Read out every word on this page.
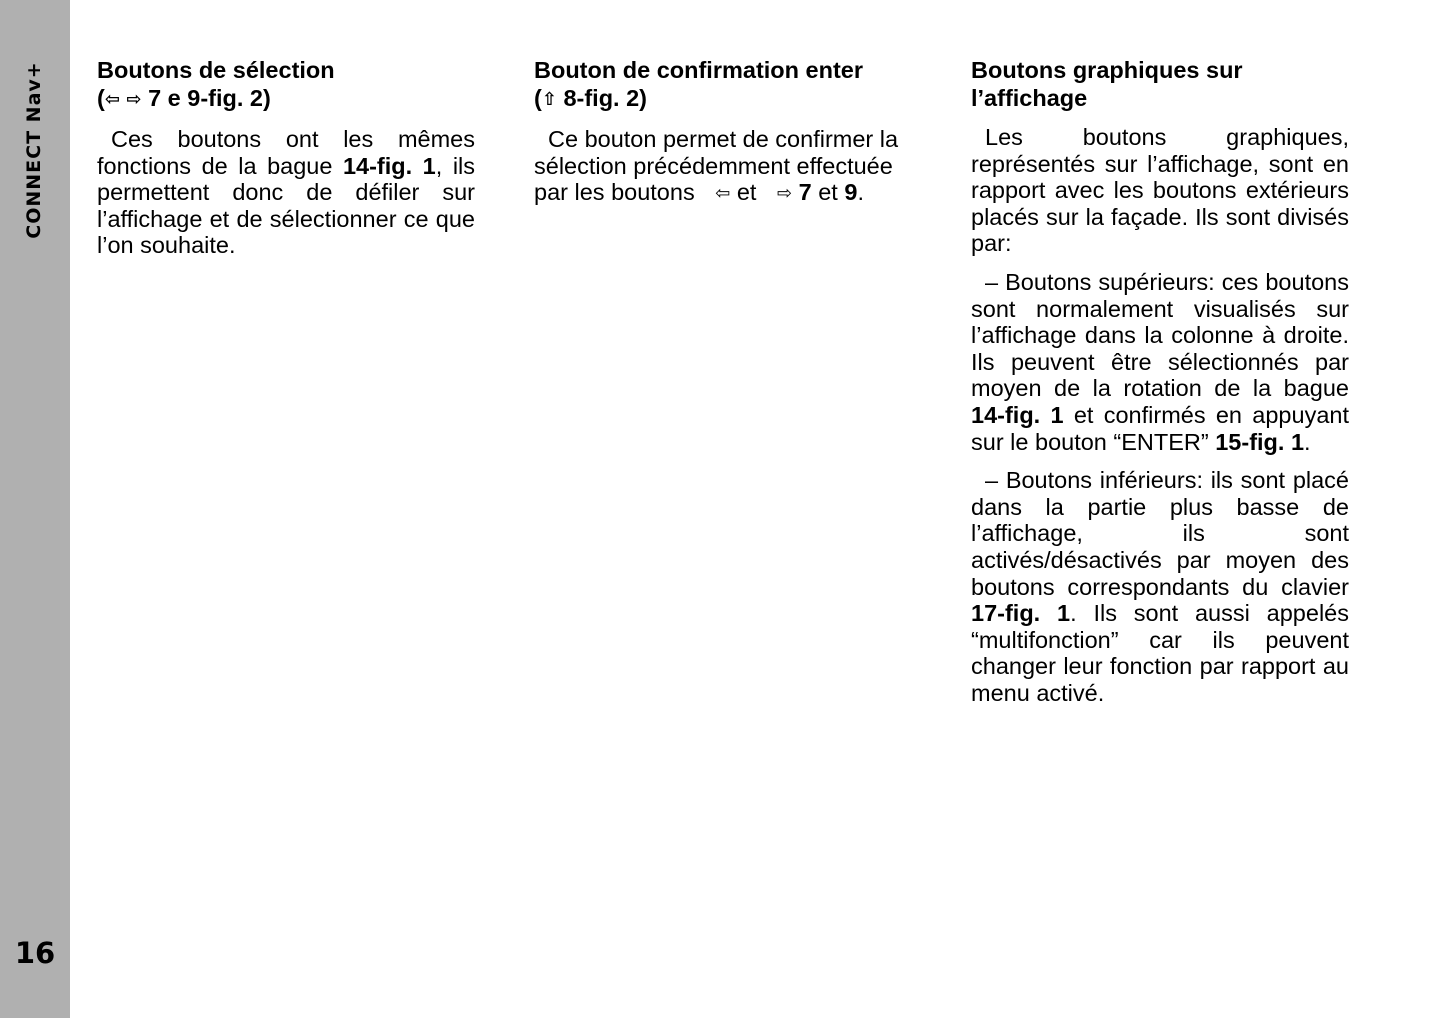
CONNECT Nav+
16
Boutons de sélection
(⇦ ⇨ 7 e 9-fig. 2)

Ces boutons ont les mêmes fonctions de la bague 14-fig. 1, ils permettent donc de défiler sur l’affichage et de sélectionner ce que l’on souhaite.

Bouton de confirmation enter
(⇧ 8-fig. 2)

Ce bouton permet de confirmer la sélection précédemment effectuée par les boutons ⇦ et ⇨ 7 et 9.

Boutons graphiques sur l’affichage

Les boutons graphiques, représentés sur l’affichage, sont en rapport avec les boutons extérieurs placés sur la façade. Ils sont divisés par:

– Boutons supérieurs: ces boutons sont normalement visualisés sur l’affichage dans la colonne à droite. Ils peuvent être sélectionnés par moyen de la rotation de la bague 14-fig. 1 et confirmés en appuyant sur le bouton “ENTER” 15-fig. 1.

– Boutons inférieurs: ils sont placé dans la partie plus basse de l’affichage, ils sont activés/désactivés par moyen des boutons correspondants du clavier 17-fig. 1. Ils sont aussi appelés “multifonction” car ils peuvent changer leur fonction par rapport au menu activé.
